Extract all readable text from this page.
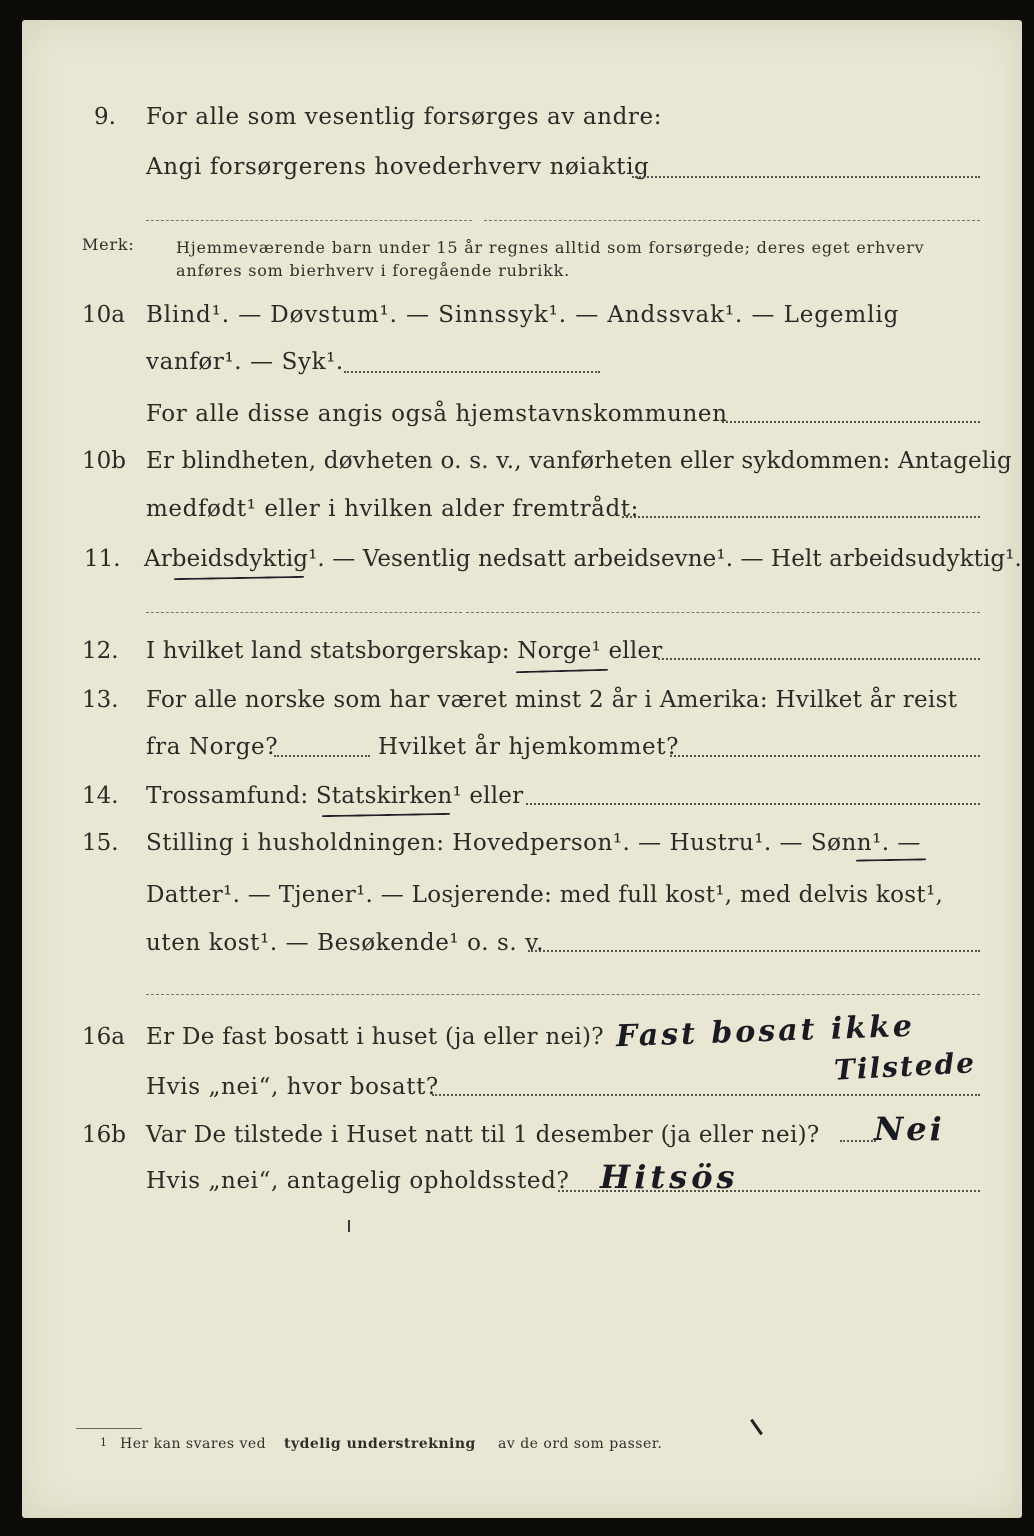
9. For alle som vesentlig forsørges av andre:
Angi forsørgerens hovederhverv nøiaktig
Merk:	Hjemmeværende barn under 15 år regnes alltid som forsørgede; deres eget erhverv
anføres som bierhverv i foregående rubrikk.
10a Blind¹. — Døvstum¹. — Sinnssyk¹. — Andssvak¹. — Legemlig
vanfør¹. — Syk¹.
For alle disse angis også hjemstavnskommunen
10b Er blindheten, døvheten o. s. v., vanførheten eller sykdommen: Antagelig
medfødt¹ eller i hvilken alder fremtrådt:
11. Arbeidsdyktig¹. — Vesentlig nedsatt arbeidsevne¹. — Helt arbeidsudyktig¹.
12. I hvilket land statsborgerskap: Norge¹ eller
13. For alle norske som har været minst 2 år i Amerika: Hvilket år reist
fra Norge?	Hvilket år hjemkommet?
14. Trossamfund: Statskirken¹ eller
15. Stilling i husholdningen: Hovedperson¹. — Hustru¹. — Sønn¹. —
Datter¹. — Tjener¹. — Losjerende: med full kost¹, med delvis kost¹,
uten kost¹. — Besøkende¹ o. s. v.
16a Er De fast bosatt i huset (ja eller nei)? Fast bosat ikke
Tilstede
Hvis „nei“, hvor bosatt?
16b Var De tilstede i Huset natt til 1 desember (ja eller nei)? Nei
Hvis „nei“, antagelig opholdssted? Hitsös
1 Her kan svares ved tydelig understrekning av de ord som passer.
